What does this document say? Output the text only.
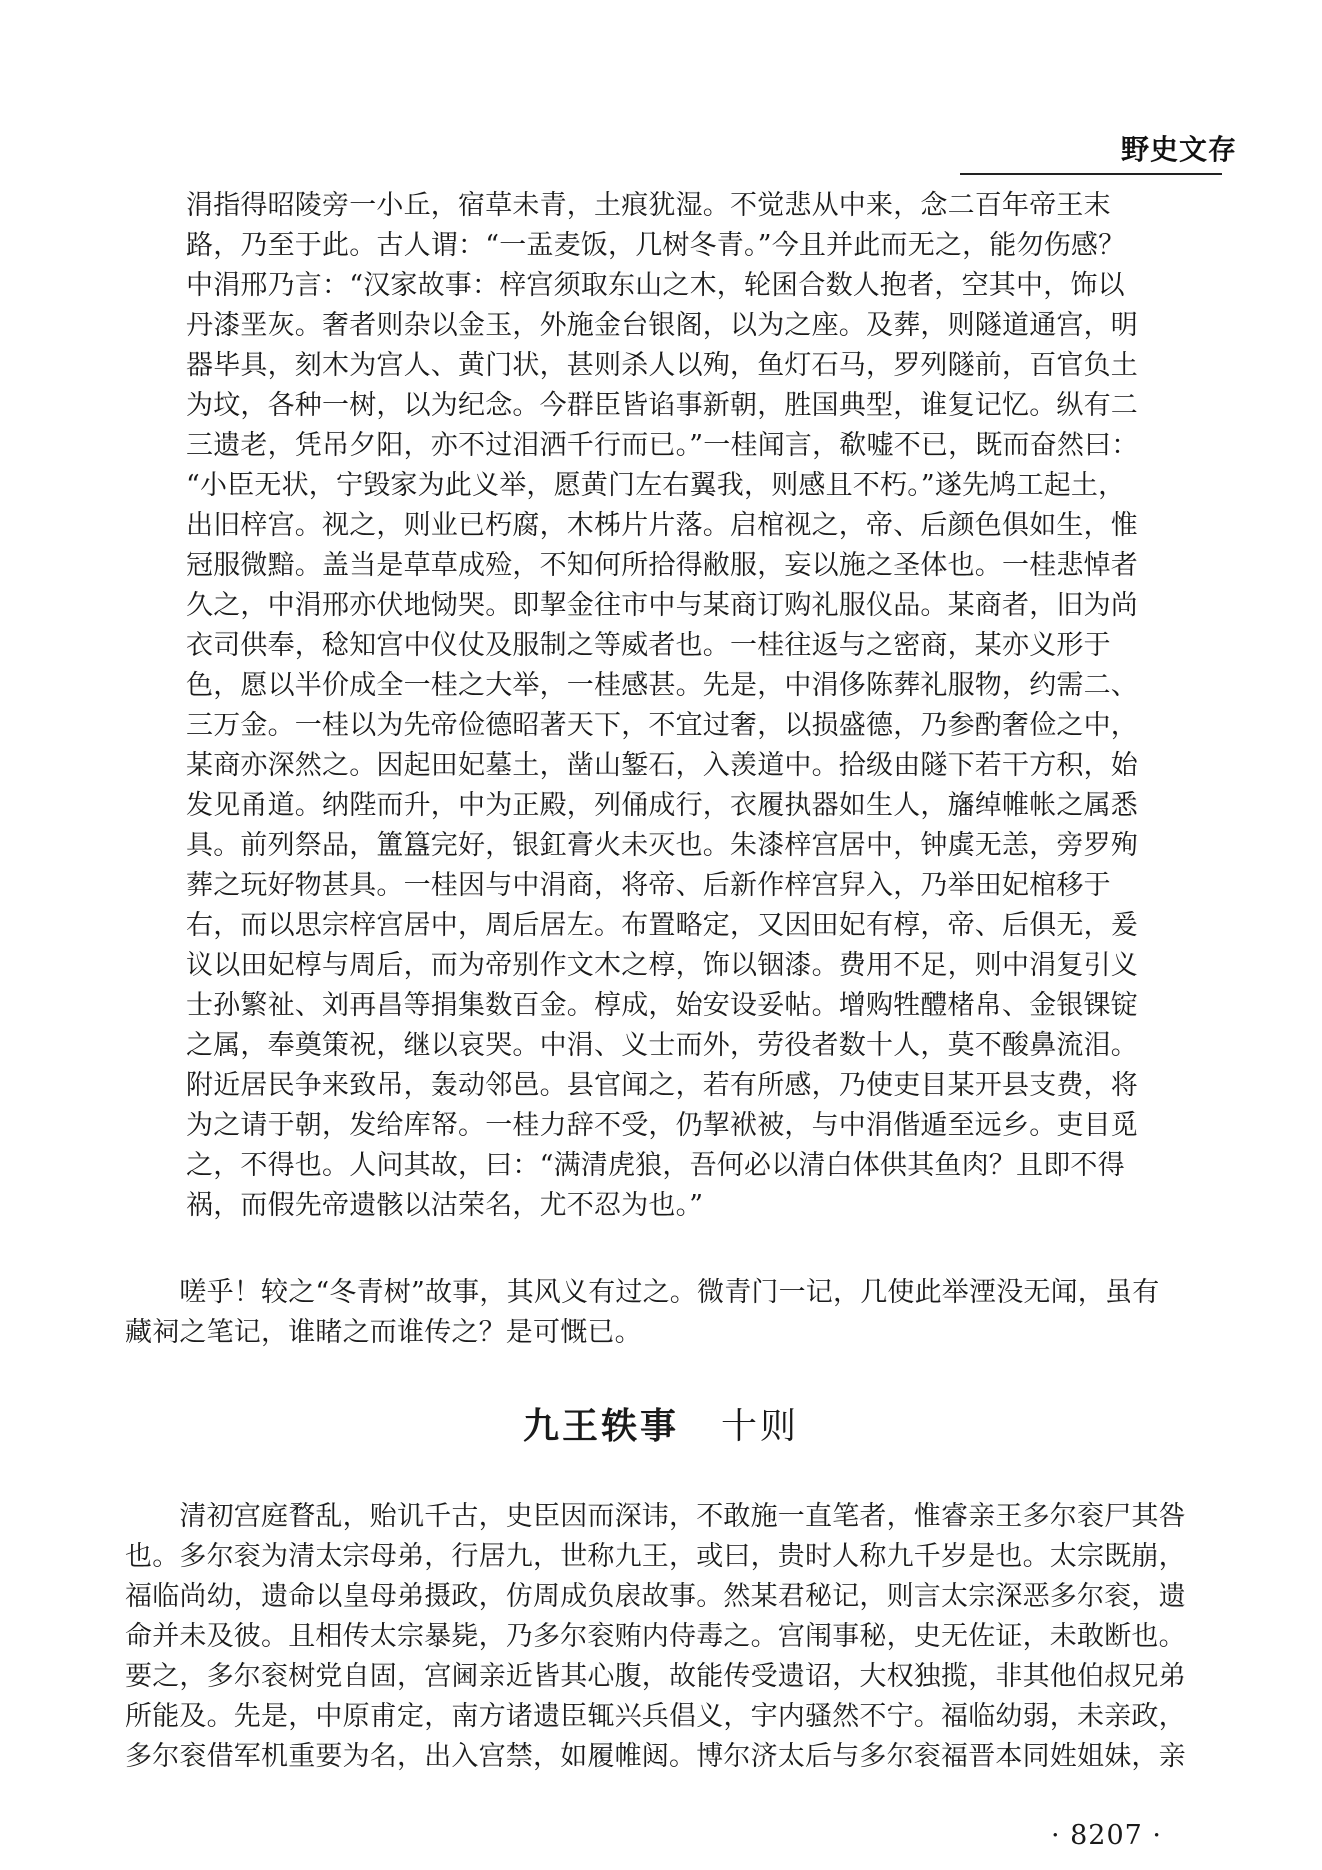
野史文存
涓指得昭陵旁一小丘，宿草未青，土痕犹湿。不觉悲从中来，念二百年帝王末
路，乃至于此。古人谓：“一盂麦饭，几树冬青。”今且并此而无之，能勿伤感？
中涓邢乃言：“汉家故事：梓宫须取东山之木，轮囷合数人抱者，空其中，饰以
丹漆垩灰。奢者则杂以金玉，外施金台银阁，以为之座。及葬，则隧道通宫，明
器毕具，刻木为宫人、黄门状，甚则杀人以殉，鱼灯石马，罗列隧前，百官负土
为坟，各种一树，以为纪念。今群臣皆谄事新朝，胜国典型，谁复记忆。纵有二
三遗老，凭吊夕阳，亦不过泪洒千行而已。”一桂闻言，欷嘘不已，既而奋然曰：
“小臣无状，宁毁家为此义举，愿黄门左右翼我，则感且不朽。”遂先鸠工起土，
出旧梓宫。视之，则业已朽腐，木柹片片落。启棺视之，帝、后颜色俱如生，惟
冠服微黯。盖当是草草成殓，不知何所拾得敝服，妄以施之圣体也。一桂悲悼者
久之，中涓邢亦伏地恸哭。即挈金往市中与某商订购礼服仪品。某商者，旧为尚
衣司供奉，稔知宫中仪仗及服制之等威者也。一桂往返与之密商，某亦义形于
色，愿以半价成全一桂之大举，一桂感甚。先是，中涓侈陈葬礼服物，约需二、
三万金。一桂以为先帝俭德昭著天下，不宜过奢，以损盛德，乃参酌奢俭之中，
某商亦深然之。因起田妃墓土，凿山錾石，入羡道中。拾级由隧下若干方积，始
发见甬道。纳陛而升，中为正殿，列俑成行，衣履执器如生人，旛绰帷帐之属悉
具。前列祭品，簠簋完好，银釭膏火未灭也。朱漆梓宫居中，钟虡无恙，旁罗殉
葬之玩好物甚具。一桂因与中涓商，将帝、后新作梓宫舁入，乃举田妃棺移于
右，而以思宗梓宫居中，周后居左。布置略定，又因田妃有椁，帝、后俱无，爰
议以田妃椁与周后，而为帝别作文木之椁，饰以铟漆。费用不足，则中涓复引义
士孙繁祉、刘再昌等捐集数百金。椁成，始安设妥帖。增购牲醴楮帛、金银锞锭
之属，奉奠策祝，继以哀哭。中涓、义士而外，劳役者数十人，莫不酸鼻流泪。
附近居民争来致吊，轰动邻邑。县官闻之，若有所感，乃使吏目某开县支费，将
为之请于朝，发给库帑。一桂力辞不受，仍挈袱被，与中涓偕遁至远乡。吏目觅
之，不得也。人问其故，曰：“满清虎狼，吾何必以清白体供其鱼肉？且即不得
祸，而假先帝遗骸以沽荣名，尤不忍为也。”
　　嗟乎！较之“冬青树”故事，其风义有过之。微青门一记，几使此举湮没无闻，虽有
藏祠之笔记，谁睹之而谁传之？是可慨已。
九王轶事 十则
　　清初宫庭瞀乱，贻讥千古，史臣因而深讳，不敢施一直笔者，惟睿亲王多尔衮尸其咎
也。多尔衮为清太宗母弟，行居九，世称九王，或曰，贵时人称九千岁是也。太宗既崩，
福临尚幼，遗命以皇母弟摄政，仿周成负扆故事。然某君秘记，则言太宗深恶多尔衮，遗
命并未及彼。且相传太宗暴毙，乃多尔衮贿内侍毒之。宫闱事秘，史无佐证，未敢断也。
要之，多尔衮树党自固，宫阃亲近皆其心腹，故能传受遗诏，大权独揽，非其他伯叔兄弟
所能及。先是，中原甫定，南方诸遗臣辄兴兵倡义，宇内骚然不宁。福临幼弱，未亲政，
多尔衮借军机重要为名，出入宫禁，如履帷闼。博尔济太后与多尔衮福晋本同姓姐妹，亲
· 8207 ·
